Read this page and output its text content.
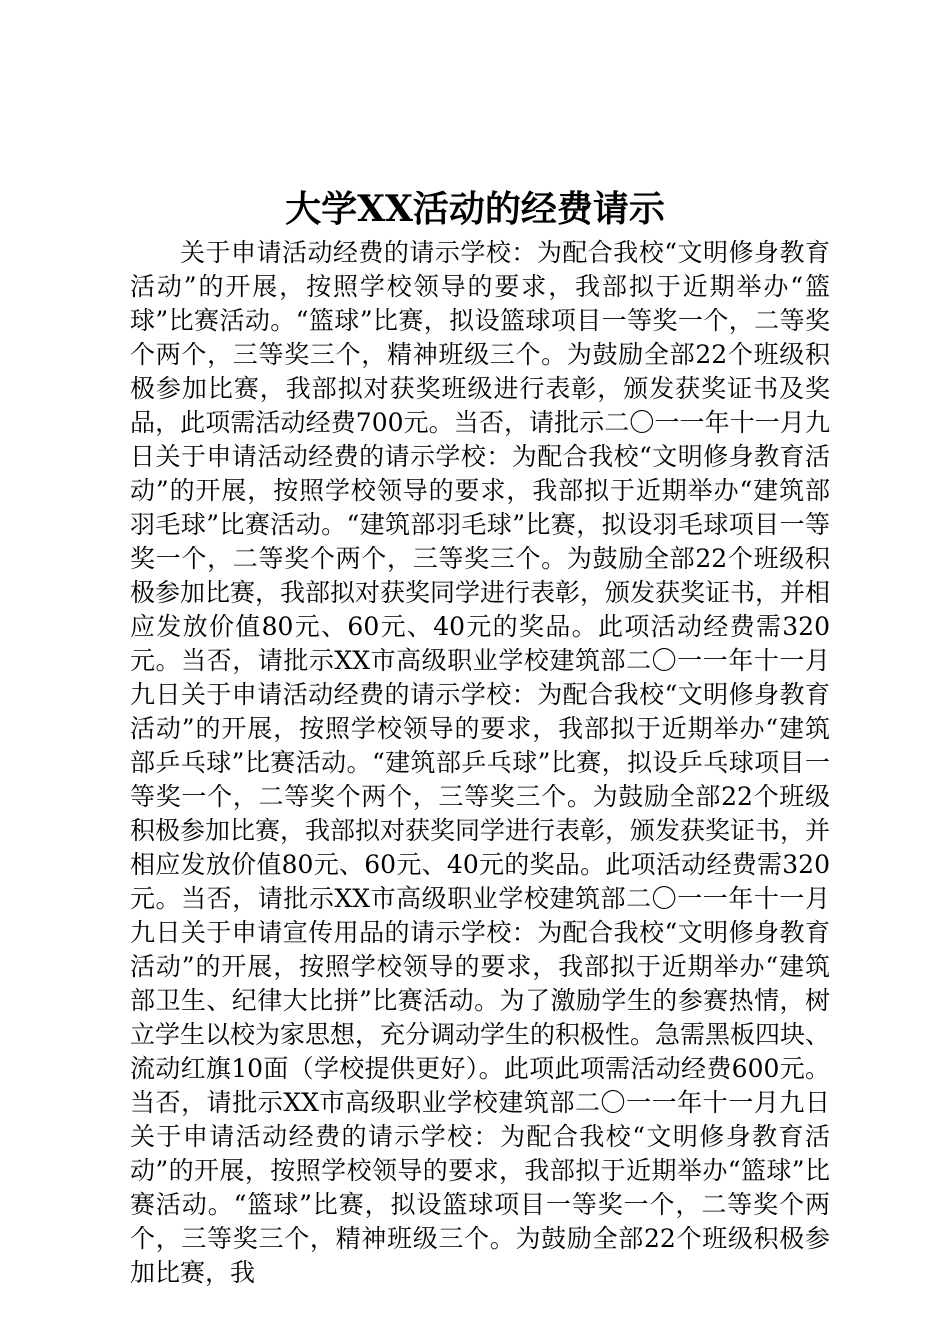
大学XX活动的经费请示

关于申请活动经费的请示学校：为配合我校“文明修身教育活动”的开展，按照学校领导的要求，我部拟于近期举办“篮球”比赛活动。“篮球”比赛，拟设篮球项目一等奖一个，二等奖个两个，三等奖三个，精神班级三个。为鼓励全部22个班级积极参加比赛，我部拟对获奖班级进行表彰，颁发获奖证书及奖品，此项需活动经费700元。当否，请批示二〇一一年十一月九日关于申请活动经费的请示学校：为配合我校“文明修身教育活动”的开展，按照学校领导的要求，我部拟于近期举办“建筑部羽毛球”比赛活动。“建筑部羽毛球”比赛，拟设羽毛球项目一等奖一个，二等奖个两个，三等奖三个。为鼓励全部22个班级积极参加比赛，我部拟对获奖同学进行表彰，颁发获奖证书，并相应发放价值80元、60元、40元的奖品。此项活动经费需320元。当否，请批示XX市高级职业学校建筑部二〇一一年十一月九日关于申请活动经费的请示学校：为配合我校“文明修身教育活动”的开展，按照学校领导的要求，我部拟于近期举办“建筑部乒乓球”比赛活动。“建筑部乒乓球”比赛，拟设乒乓球项目一等奖一个，二等奖个两个，三等奖三个。为鼓励全部22个班级积极参加比赛，我部拟对获奖同学进行表彰，颁发获奖证书，并相应发放价值80元、60元、40元的奖品。此项活动经费需320元。当否，请批示XX市高级职业学校建筑部二〇一一年十一月九日关于申请宣传用品的请示学校：为配合我校“文明修身教育活动”的开展，按照学校领导的要求，我部拟于近期举办“建筑部卫生、纪律大比拼”比赛活动。为了激励学生的参赛热情，树立学生以校为家思想，充分调动学生的积极性。急需黑板四块、流动红旗10面（学校提供更好）。此项此项需活动经费600元。当否，请批示XX市高级职业学校建筑部二〇一一年十一月九日关于申请活动经费的请示学校：为配合我校“文明修身教育活动”的开展，按照学校领导的要求，我部拟于近期举办“篮球”比赛活动。“篮球”比赛，拟设篮球项目一等奖一个，二等奖个两个，三等奖三个，精神班级三个。为鼓励全部22个班级积极参加比赛，我
